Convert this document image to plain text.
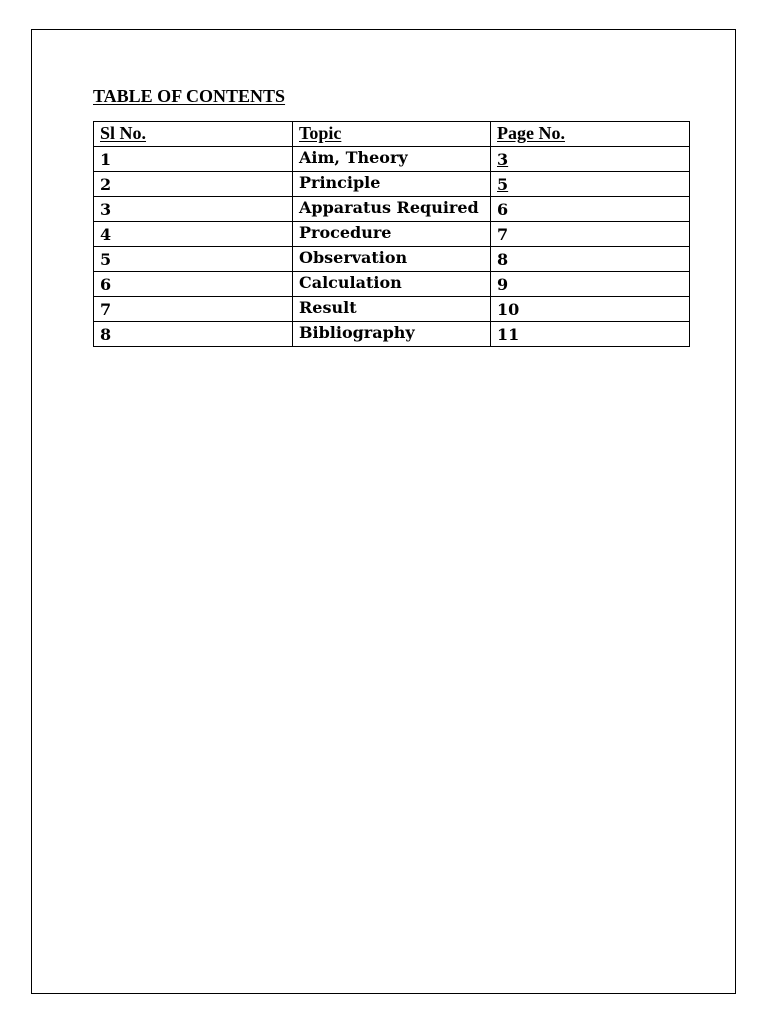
TABLE OF CONTENTS
Sl No.	Topic	Page No.
1	Aim, Theory	3
2	Principle	5
3	Apparatus Required	6
4	Procedure	7
5	Observation	8
6	Calculation	9
7	Result	10
8	Bibliography	11
